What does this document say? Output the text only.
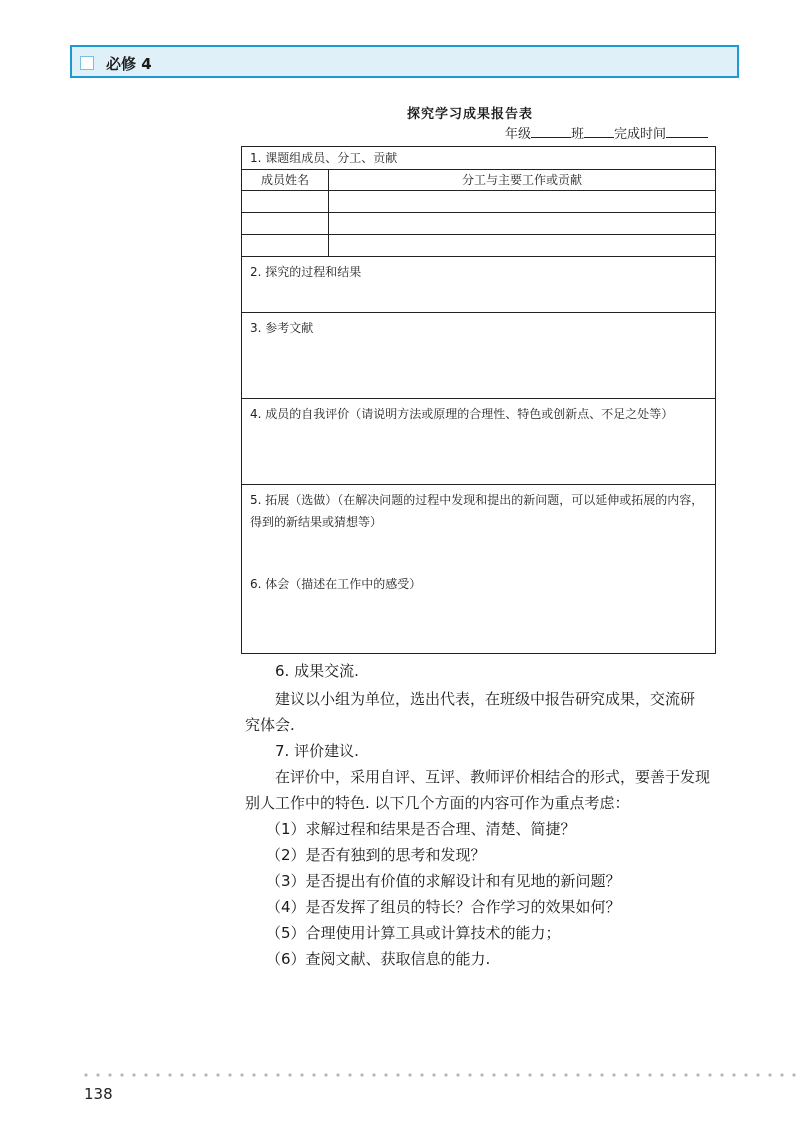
必修 4
探究学习成果报告表
年级	班 完成时间
1. 课题组成员、分工、贡献
成员姓名	分工与主要工作或贡献
2. 探究的过程和结果
3. 参考文献
4. 成员的自我评价（请说明方法或原理的合理性、特色或创新点、不足之处等）
5. 拓展（选做）（在解决问题的过程中发现和提出的新问题，可以延伸或拓展的内容，得到的新结果或猜想等）
6. 体会（描述在工作中的感受）
6. 成果交流.
建议以小组为单位，选出代表，在班级中报告研究成果，交流研
究体会.
7. 评价建议.
在评价中，采用自评、互评、教师评价相结合的形式，要善于发现
别人工作中的特色. 以下几个方面的内容可作为重点考虑：
（1）求解过程和结果是否合理、清楚、简捷？
（2）是否有独到的思考和发现？
（3）是否提出有价值的求解设计和有见地的新问题？
（4）是否发挥了组员的特长？合作学习的效果如何？
（5）合理使用计算工具或计算技术的能力；
（6）查阅文献、获取信息的能力.
138
